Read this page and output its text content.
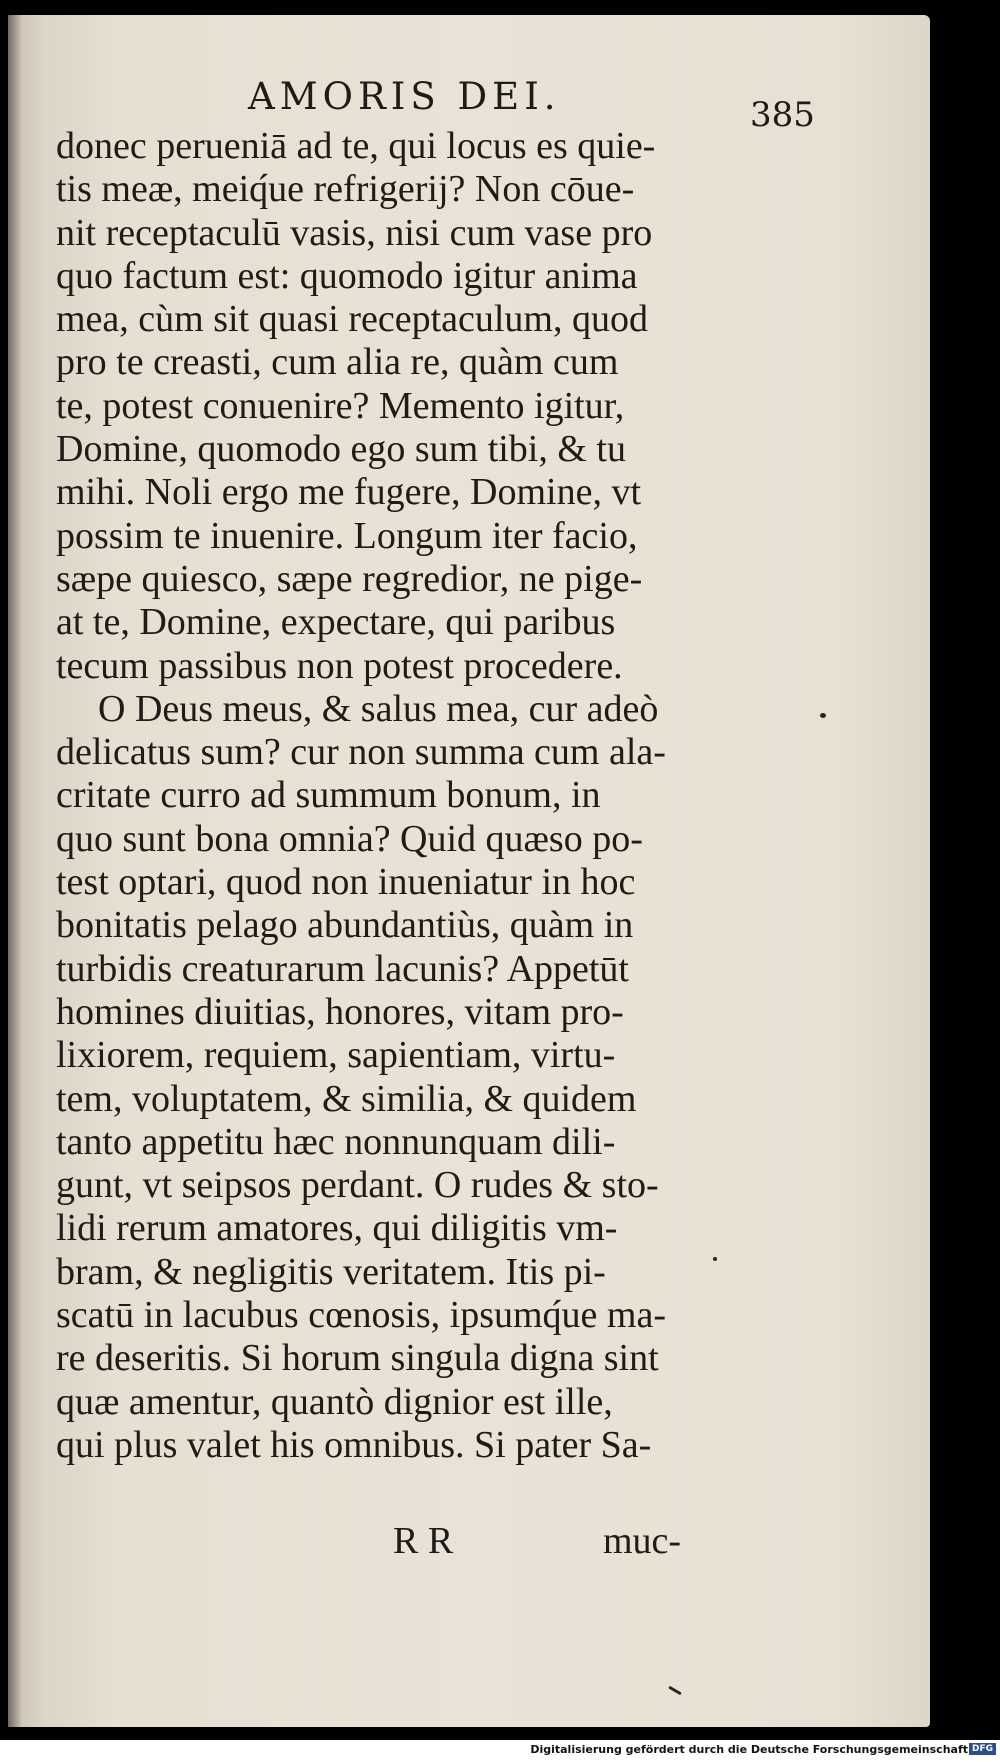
AMORIS DEI.	385
donec perueniā ad te, qui locus es quie-
tis meæ, meiq́ue refrigerij? Non cōue-
nit receptaculū vasis, nisi cum vase pro
quo factum est: quomodo igitur anima
mea, cùm sit quasi receptaculum, quod
pro te creasti, cum alia re, quàm cum
te, potest conuenire? Memento igitur,
Domine, quomodo ego sum tibi, & tu
mihi. Noli ergo me fugere, Domine, vt
possim te inuenire. Longum iter facio,
sæpe quiesco, sæpe regredior, ne pige-
at te, Domine, expectare, qui paribus
tecum passibus non potest procedere.
O Deus meus, & salus mea, cur adeò
delicatus sum? cur non summa cum ala-
critate curro ad summum bonum, in
quo sunt bona omnia? Quid quæso po-
test optari, quod non inueniatur in hoc
bonitatis pelago abundantiùs, quàm in
turbidis creaturarum lacunis? Appetūt
homines diuitias, honores, vitam pro-
lixiorem, requiem, sapientiam, virtu-
tem, voluptatem, & similia, & quidem
tanto appetitu hæc nonnunquam dili-
gunt, vt seipsos perdant. O rudes & sto-
lidi rerum amatores, qui diligitis vm-
bram, & negligitis veritatem. Itis pi-
scatū in lacubus cœnosis, ipsumq́ue ma-
re deseritis. Si horum singula digna sint
quæ amentur, quantò dignior est ille,
qui plus valet his omnibus. Si pater Sa-
R R	muc-
Digitalisierung gefördert durch die Deutsche Forschungsgemeinschaft DFG
